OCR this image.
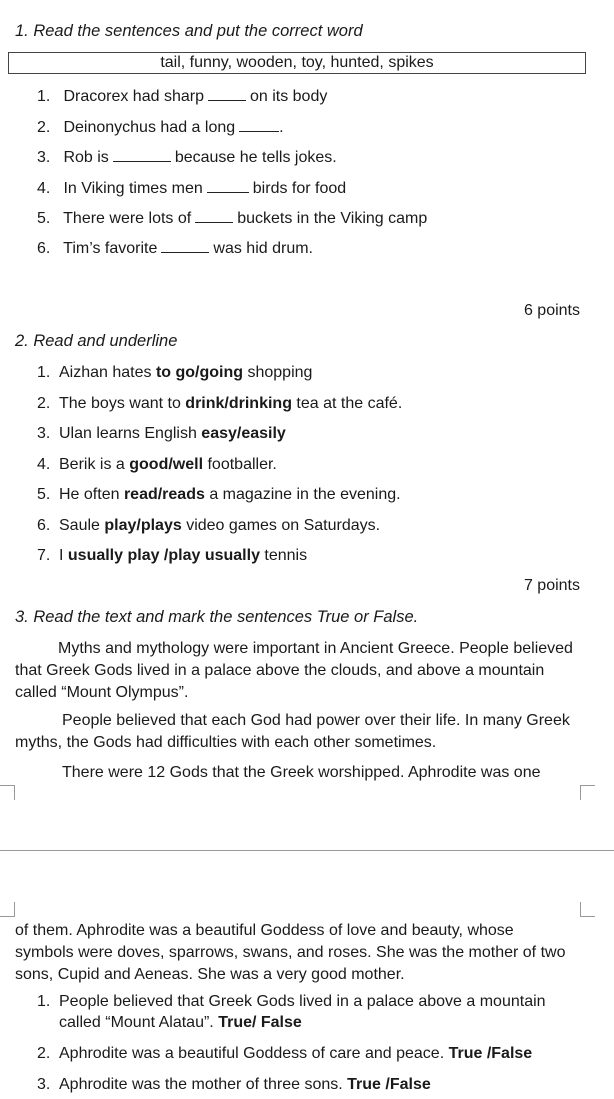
1. Read the sentences and put the correct word
tail, funny, wooden, toy, hunted, spikes
1. Dracorex had sharp	on its body
2. Deinonychus had a long	.
3. Rob is	because he tells jokes.
4. In Viking times men	birds for food
5. There were lots of	buckets in the Viking camp
6. Tim’s favorite	was hid drum.
6 points
2. Read and underline
1. Aizhan hates to go/going shopping
2. The boys want to drink/drinking tea at the café.
3. Ulan learns English easy/easily
4. Berik is a good/well footballer.
5. He often read/reads a magazine in the evening.
6. Saule play/plays video games on Saturdays.
7. I usually play /play usually tennis
7 points
3. Read the text and mark the sentences True or False.
Myths and mythology were important in Ancient Greece. People believed that Greek Gods lived in a palace above the clouds, and above a mountain called “Mount Olympus”.
People believed that each God had power over their life. In many Greek myths, the Gods had difficulties with each other sometimes.
There were 12 Gods that the Greek worshipped. Aphrodite was one
of them. Aphrodite was a beautiful Goddess of love and beauty, whose symbols were doves, sparrows, swans, and roses. She was the mother of two sons, Cupid and Aeneas. She was a very good mother.
1. People believed that Greek Gods lived in a palace above a mountain
called “Mount Alatau”. True/ False
2. Aphrodite was a beautiful Goddess of care and peace. True /False
3. Aphrodite was the mother of three sons. True /False
